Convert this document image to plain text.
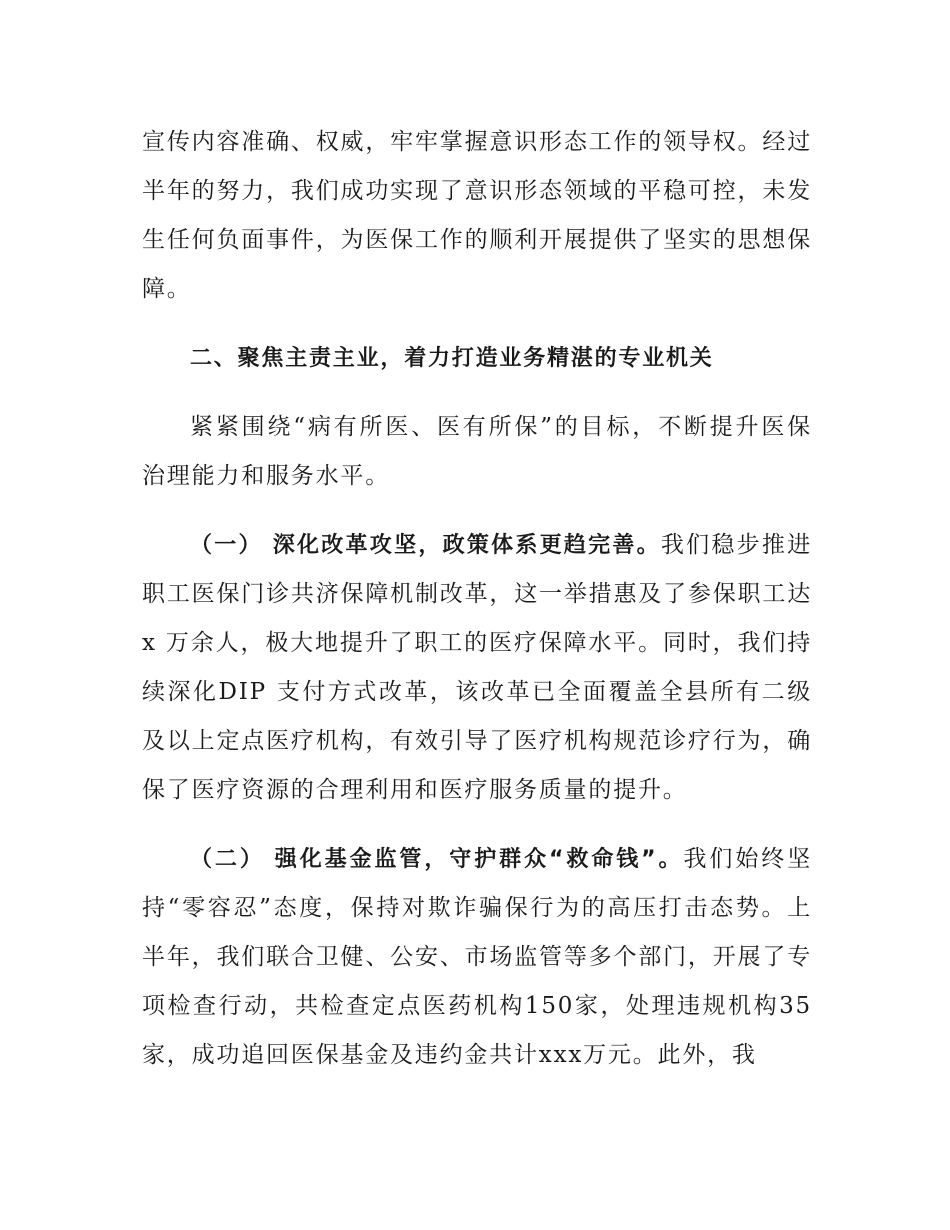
宣传内容准确、权威，牢牢掌握意识形态工作的领导权。经过半年的努力，我们成功实现了意识形态领域的平稳可控，未发生任何负面事件，为医保工作的顺利开展提供了坚实的思想保障。

二、聚焦主责主业，着力打造业务精湛的专业机关

紧紧围绕“病有所医、医有所保”的目标，不断提升医保治理能力和服务水平。

（一） 深化改革攻坚，政策体系更趋完善。我们稳步推进职工医保门诊共济保障机制改革，这一举措惠及了参保职工达 x 万余人，极大地提升了职工的医疗保障水平。同时，我们持续深化DIP 支付方式改革，该改革已全面覆盖全县所有二级及以上定点医疗机构，有效引导了医疗机构规范诊疗行为，确保了医疗资源的合理利用和医疗服务质量的提升。

（二） 强化基金监管，守护群众“救命钱”。我们始终坚持“零容忍”态度，保持对欺诈骗保行为的高压打击态势。上半年，我们联合卫健、公安、市场监管等多个部门，开展了专项检查行动，共检查定点医药机构150家，处理违规机构35家，成功追回医保基金及违约金共计xxx万元。此外，我
